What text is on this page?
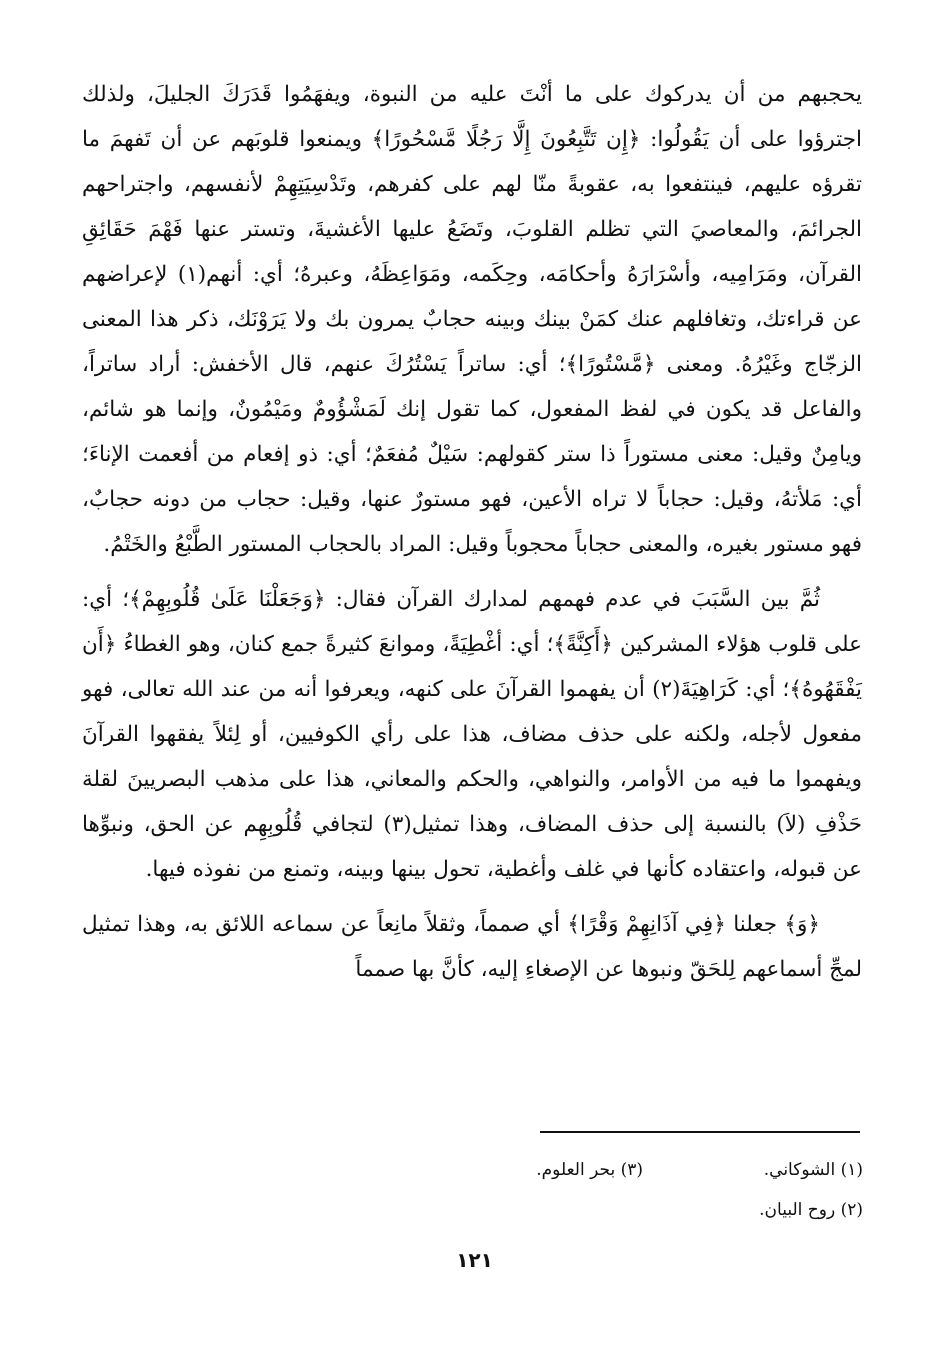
يحجبهم من أن يدركوك على ما أنْتَ عليه من النبوة، ويفهَمُوا قَدَرَكَ الجليلَ، ولذلك اجترؤوا على أن يَقُولُوا: ﴿إِن تَتَّبِعُونَ إِلَّا رَجُلًا مَّسْحُورًا﴾ ويمنعوا قلوبَهم عن أن تَفهمَ ما تقرؤه عليهم، فينتفعوا به، عقوبةً منّا لهم على كفرهم، وتَدْسِيَتِهِمْ لأنفسهم، واجتراحهم الجرائمَ، والمعاصيَ التي تظلم القلوبَ، وتَضَعُ عليها الأغشيةَ، وتستر عنها فَهْمَ حَقَائِقِ القرآن، ومَرَامِيه، وأسْرَارَهُ وأحكامَه، وحِكَمه، ومَوَاعِظَهُ، وعبرهُ؛ أي: أنهم(١) لإعراضهم عن قراءتك، وتغافلهم عنك كمَنْ بينك وبينه حجابٌ يمرون بك ولا يَرَوْنَك، ذكر هذا المعنى الزجّاج وغَيْرُهُ. ومعنى ﴿مَّسْتُورًا﴾؛ أي: ساتراً يَسْتُرُكَ عنهم، قال الأخفش: أراد ساتراً، والفاعل قد يكون في لفظ المفعول، كما تقول إنك لَمَشْؤُومٌ ومَيْمُونٌ، وإنما هو شائم، ويامِنٌ وقيل: معنى مستوراً ذا ستر كقولهم: سَيْلٌ مُفعَمٌ؛ أي: ذو إفعام من أفعمت الإناءَ؛ أي: مَلأتهُ، وقيل: حجاباً لا تراه الأعين، فهو مستورٌ عنها، وقيل: حجاب من دونه حجابٌ، فهو مستور بغيره، والمعنى حجاباً محجوباً وقيل: المراد بالحجاب المستور الطَّبْعُ والخَتْمُ.

ثُمَّ بين السَّبَبَ في عدم فهمهم لمدارك القرآن فقال: ﴿وَجَعَلْنَا عَلَىٰ قُلُوبِهِمْ﴾؛ أي: على قلوب هؤلاء المشركين ﴿أَكِنَّةً﴾؛ أي: أغْطِيَةً، وموانعَ كثيرةً جمع كنان، وهو الغطاءُ ﴿أَن يَفْقَهُوهُ﴾؛ أي: كَرَاهِيَةَ(٢) أن يفهموا القرآنَ على كنهه، ويعرفوا أنه من عند الله تعالى، فهو مفعول لأجله، ولكنه على حذف مضاف، هذا على رأي الكوفيين، أو لِئلاً يفقهوا القرآنَ ويفهموا ما فيه من الأوامر، والنواهي، والحكم والمعاني، هذا على مذهب البصريينَ لقلة حَذْفِ (لاَ) بالنسبة إلى حذف المضاف، وهذا تمثيل(٣) لتجافي قُلُوبِهِم عن الحق، ونبوِّها عن قبوله، واعتقاده كأنها في غلف وأغطية، تحول بينها وبينه، وتمنع من نفوذه فيها.

﴿وَ﴾ جعلنا ﴿فِي آذَانِهِمْ وَقْرًا﴾ أي صمماً، وثقلاً مانِعاً عن سماعه اللائق به، وهذا تمثيل لمجِّ أسماعهم لِلحَقّ ونبوها عن الإصغاءِ إليه، كأنَّ بها صمماً

(١) الشوكاني.
(٣) بحر العلوم.
(٢) روح البيان.
١٢١
